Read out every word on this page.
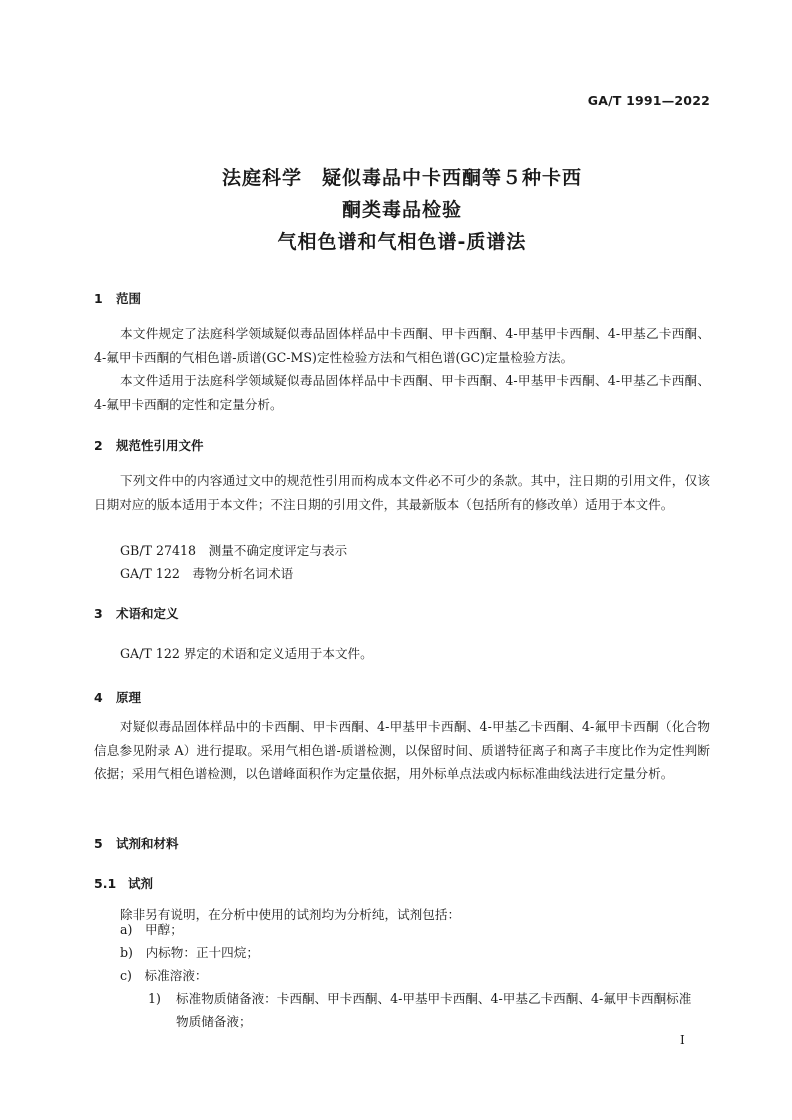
GA/T 1991—2022
法庭科学　疑似毒品中卡西酮等５种卡西
酮类毒品检验
气相色谱和气相色谱-质谱法
1 范围
本文件规定了法庭科学领域疑似毒品固体样品中卡西酮、甲卡西酮、4-甲基甲卡西酮、4-甲基乙卡西酮、4-氟甲卡西酮的气相色谱-质谱(GC-MS)定性检验方法和气相色谱(GC)定量检验方法。
本文件适用于法庭科学领域疑似毒品固体样品中卡西酮、甲卡西酮、4-甲基甲卡西酮、4-甲基乙卡西酮、4-氟甲卡西酮的定性和定量分析。
2 规范性引用文件
下列文件中的内容通过文中的规范性引用而构成本文件必不可少的条款。其中，注日期的引用文件，仅该日期对应的版本适用于本文件；不注日期的引用文件，其最新版本（包括所有的修改单）适用于本文件。
GB/T 27418　测量不确定度评定与表示
GA/T 122　毒物分析名词术语
3 术语和定义
GA/T 122 界定的术语和定义适用于本文件。
4 原理
对疑似毒品固体样品中的卡西酮、甲卡西酮、4-甲基甲卡西酮、4-甲基乙卡西酮、4-氟甲卡西酮（化合物信息参见附录 A）进行提取。采用气相色谱-质谱检测，以保留时间、质谱特征离子和离子丰度比作为定性判断依据；采用气相色谱检测，以色谱峰面积作为定量依据，用外标单点法或内标标准曲线法进行定量分析。
5 试剂和材料
5.1 试剂
除非另有说明，在分析中使用的试剂均为分析纯，试剂包括：
a)　甲醇；
b)　内标物：正十四烷；
c)　标准溶液：
1) 标准物质储备液：卡西酮、甲卡西酮、4-甲基甲卡西酮、4-甲基乙卡西酮、4-氟甲卡西酮标准
物质储备液；
I
